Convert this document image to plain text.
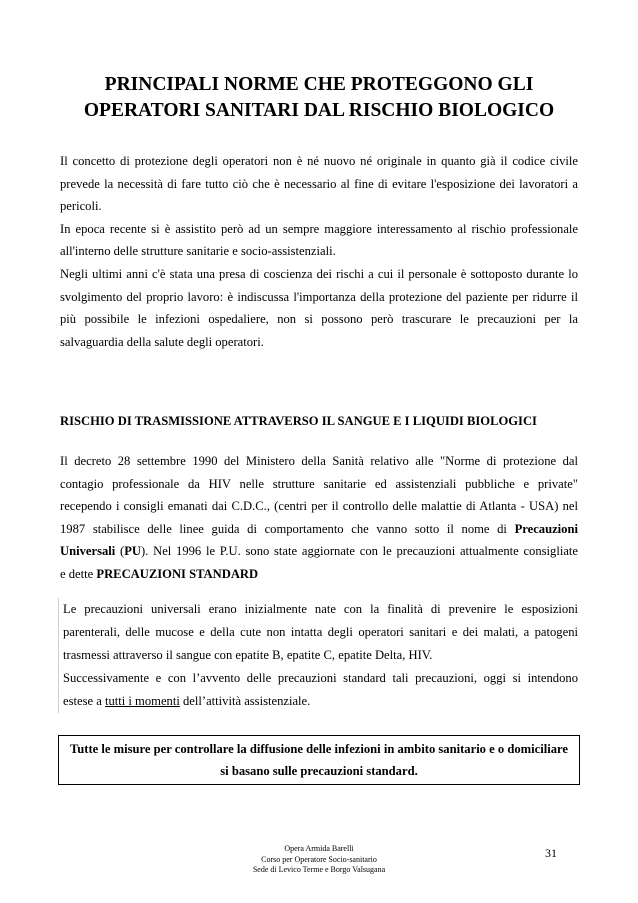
PRINCIPALI NORME CHE PROTEGGONO GLI
OPERATORI SANITARI DAL RISCHIO BIOLOGICO
Il concetto di protezione degli operatori non è né nuovo né originale in quanto già il codice civile
prevede la necessità di fare tutto ciò che è necessario al fine di evitare l'esposizione dei lavoratori a
pericoli.
In epoca recente si è assistito però ad un sempre maggiore interessamento al rischio professionale
all'interno delle strutture sanitarie e socio-assistenziali.
Negli ultimi anni c'è stata una presa di coscienza dei rischi a cui il personale è sottoposto durante lo
svolgimento del proprio lavoro: è indiscussa l'importanza della protezione del paziente per ridurre il
più possibile le infezioni ospedaliere, non si possono però trascurare le precauzioni per la
salvaguardia della salute degli operatori.
RISCHIO DI TRASMISSIONE ATTRAVERSO IL SANGUE E I LIQUIDI BIOLOGICI
Il decreto 28 settembre 1990 del Ministero della Sanità relativo alle "Norme di protezione dal
contagio professionale da HIV nelle strutture sanitarie ed assistenziali pubbliche e private"
recependo i consigli emanati dai C.D.C., (centri per il controllo delle malattie di Atlanta - USA) nel
1987 stabilisce delle linee guida di comportamento che vanno sotto il nome di Precauzioni
Universali (PU). Nel 1996 le P.U. sono state aggiornate con le precauzioni attualmente consigliate
e dette PRECAUZIONI STANDARD
Le precauzioni universali erano inizialmente nate con la finalità di prevenire le esposizioni
parenterali, delle mucose e della cute non intatta degli operatori sanitari e dei malati, a patogeni
trasmessi attraverso il sangue con epatite B, epatite C, epatite Delta, HIV.
Successivamente e con l’avvento delle precauzioni standard tali precauzioni, oggi si intendono
estese a tutti i momenti dell’attività assistenziale.
Tutte le misure per controllare la diffusione delle infezioni in ambito sanitario e o domiciliare
si basano sulle precauzioni standard.
Opera Armida Barelli
Corso per Operatore Socio-sanitario
Sede di Levico Terme e Borgo Valsugana
31
